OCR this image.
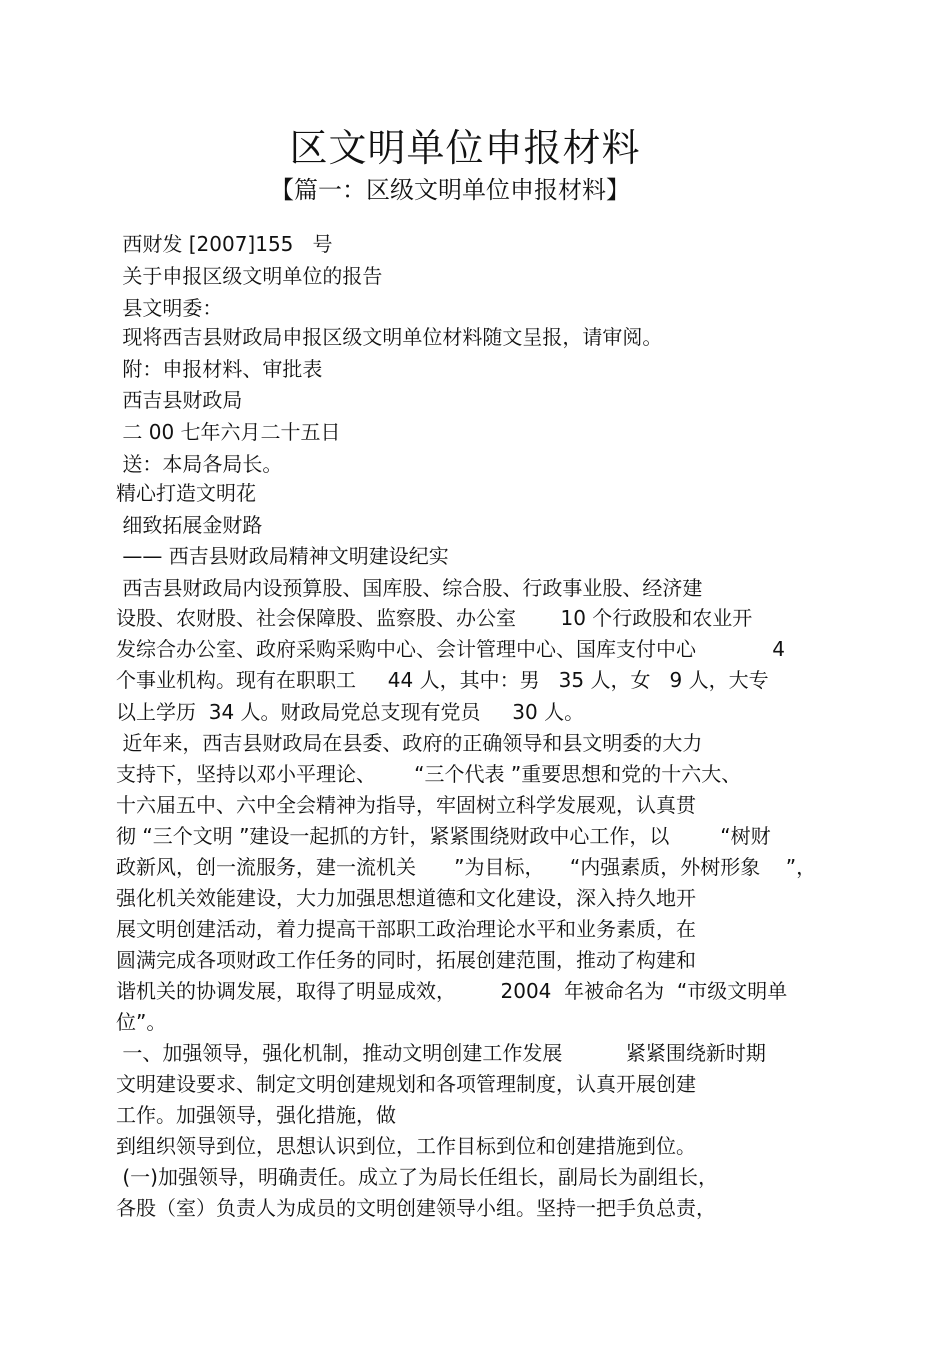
区文明单位申报材料
【篇一：区级文明单位申报材料】
西财发 [2007]155   号
关于申报区级文明单位的报告
县文明委：
现将西吉县财政局申报区级文明单位材料随文呈报，请审阅。
附：申报材料、审批表
西吉县财政局
二 00 七年六月二十五日
送：本局各局长。
精心打造文明花
细致拓展金财路
—— 西吉县财政局精神文明建设纪实
西吉县财政局内设预算股、国库股、综合股、行政事业股、经济建
设股、农财股、社会保障股、监察股、办公室       10 个行政股和农业开
发综合办公室、政府采购采购中心、会计管理中心、国库支付中心            4
个事业机构。现有在职职工     44 人，其中：男   35 人，女   9 人，大专
以上学历  34 人。财政局党总支现有党员     30 人。
近年来，西吉县财政局在县委、政府的正确领导和县文明委的大力
支持下，坚持以邓小平理论、      “三个代表 ”重要思想和党的十六大、
十六届五中、六中全会精神为指导，牢固树立科学发展观，认真贯
彻 “三个文明 ”建设一起抓的方针，紧紧围绕财政中心工作，以        “树财
政新风，创一流服务，建一流机关      ”为目标，    “内强素质，外树形象    ”，
强化机关效能建设，大力加强思想道德和文化建设，深入持久地开
展文明创建活动，着力提高干部职工政治理论水平和业务素质，在
圆满完成各项财政工作任务的同时，拓展创建范围，推动了构建和
谐机关的协调发展，取得了明显成效，       2004  年被命名为  “市级文明单
位”。
一、加强领导，强化机制，推动文明创建工作发展          紧紧围绕新时期
文明建设要求、制定文明创建规划和各项管理制度，认真开展创建
工作。加强领导，强化措施，做
到组织领导到位，思想认识到位，工作目标到位和创建措施到位。
(一)加强领导，明确责任。成立了为局长任组长，副局长为副组长，
各股（室）负责人为成员的文明创建领导小组。坚持一把手负总责，
